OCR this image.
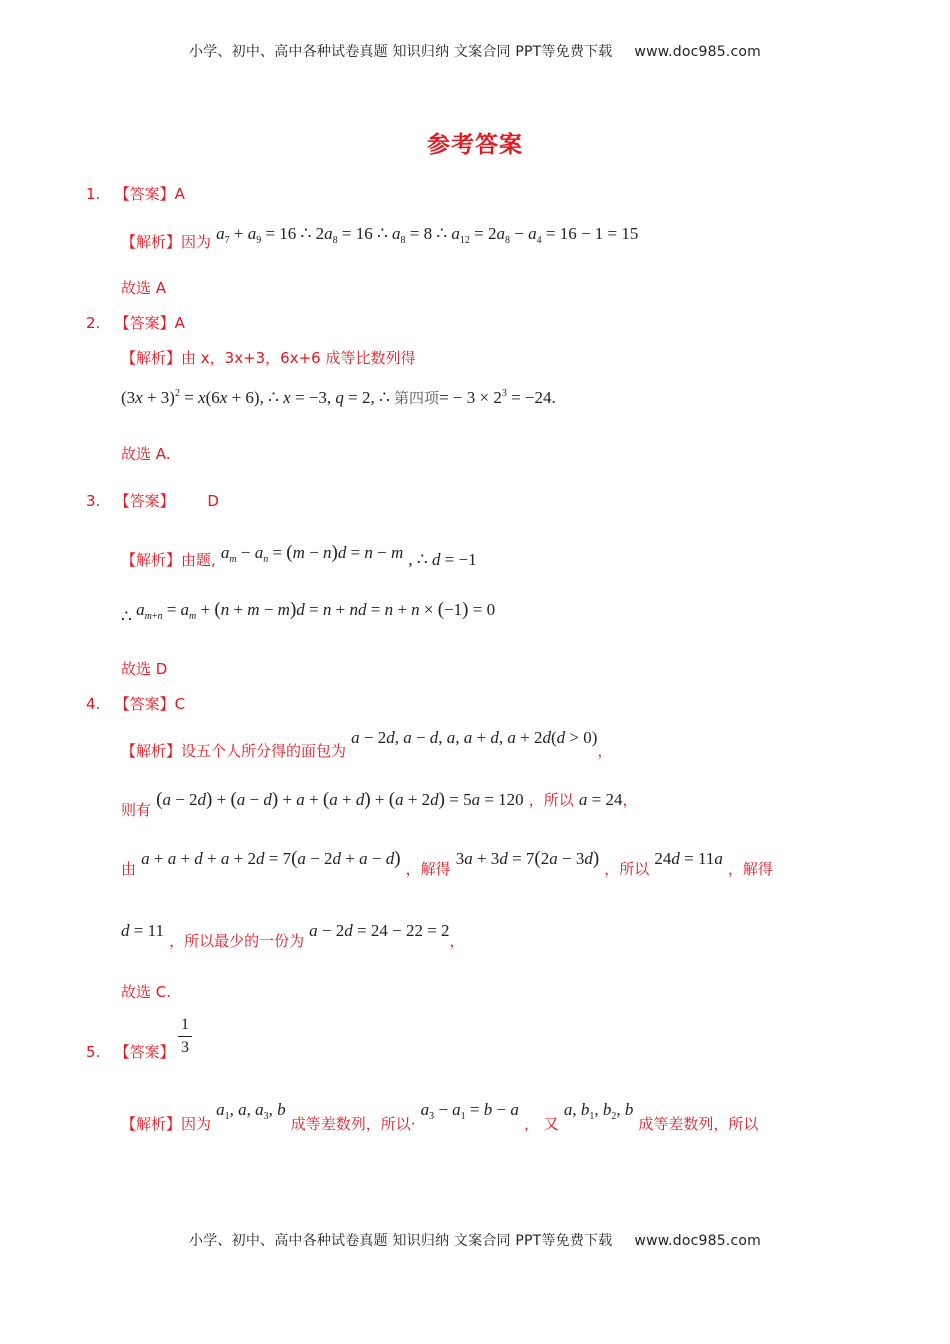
小学、初中、高中各种试卷真题 知识归纳 文案合同 PPT等免费下载 www.doc985.com
参考答案
1. 【答案】A
【解析】因为 $a_7 + a_9 = 16$ ∴ $2a_8 = 16$ ∴ $a_8 = 8$ ∴ $a_{12} = 2a_8 - a_4 = 16 - 1 = 15$
故选 A
2. 【答案】A
【解析】由 x，3x+3，6x+6 成等比数列得
$(3x + 3)^2 = x(6x + 6)$, ∴ x = −3, q = 2, ∴ 第四项= − $3 \times 2^3 = -24$.
故选 A.
3. 【答案】 D
【解析】由题, $a_m - a_n = (m - n)d = n - m$ , ∴ d = −1
∴ $a_{m+n} = a_m + (n + m - m)d = n$ + nd = n + n × (−1) = 0
故选 D
4. 【答案】C
【解析】设五个人所分得的面包为 a − 2d, a − d, a, a + d, a + 2d(d > 0)，
则有 (a − 2d) + (a − d) + a + (a + d) + (a + 2d) = 5a = 120 ，所以 a = 24，
由 a + a + d + a + 2d = 7(a − 2d + a − d) ，解得 3a + 3d = 7(2a − 3d) ，所以 24d = 11a ，解得
d = 11 ，所以最少的一份为 a − 2d = 24 − 22 = 2，
故选 C.
5. 【答案】
1
3
【解析】因为 $a_1$, a, $a_3$, b 成等差数列，所以· $a_3 - a_1 = b - a$ ， 又 a, $b_1$, $b_2$, b 成等差数列，所以
小学、初中、高中各种试卷真题 知识归纳 文案合同 PPT等免费下载 www.doc985.com
